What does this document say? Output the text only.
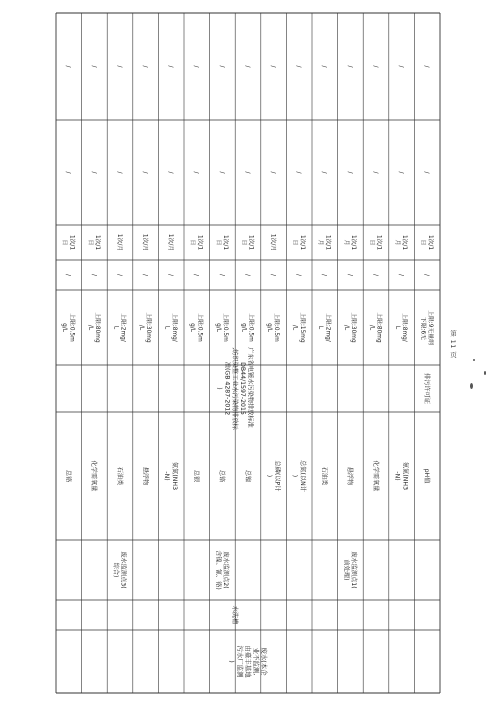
pH值
上限:9无量纲 下限:6无
1次/1日
/
/
/
氨氮(NH3-N)
上限:8mg/L
1次/1月
/
/
/
化学需氧量
上限:80mg/L
1次/1日
/
/
/
悬浮物
上限:30mg/L
1次/1月
/
/
/
石油类
上限:2mg/L
1次/1月
/
/
/
总氮(以N计)
上限:15mg/L
1次/1日
/
/
/
总磷(以P计)
上限:0.5mg/L
1次/月
/
/
/
总镍
上限:0.5mg/L
1次/1日
/
/
/
总铬
上限:0.5mg/L
1次/1日
/
/
/
总银
上限:0.5mg/L
1次/1日
/
/
/
氨氮(NH3-N)
上限:8mg/L
1次/月
/
/
/
悬浮物
上限:30mg/L
1次/月
/
/
/
石油类
上限:2mg/L
1次/月
/
/
/
化学需氧量
上限:80mg/L
1次/1日
/
/
/
总铬
上限:0.5mg/L
1次/1日
/
/
/
排污许可证
广东省电镀水污染物排放标准 DB44/1597-2015,纺织染整工业水污染物排放标准(GB 4287-2012)
废水监测点1(前处理)
废水监测点2(含镍、氰、铬)
废水监测点3(综合)
水洗槽
废水(本企业不监测,由臺丰基地污水厂监测)
第 11 页
